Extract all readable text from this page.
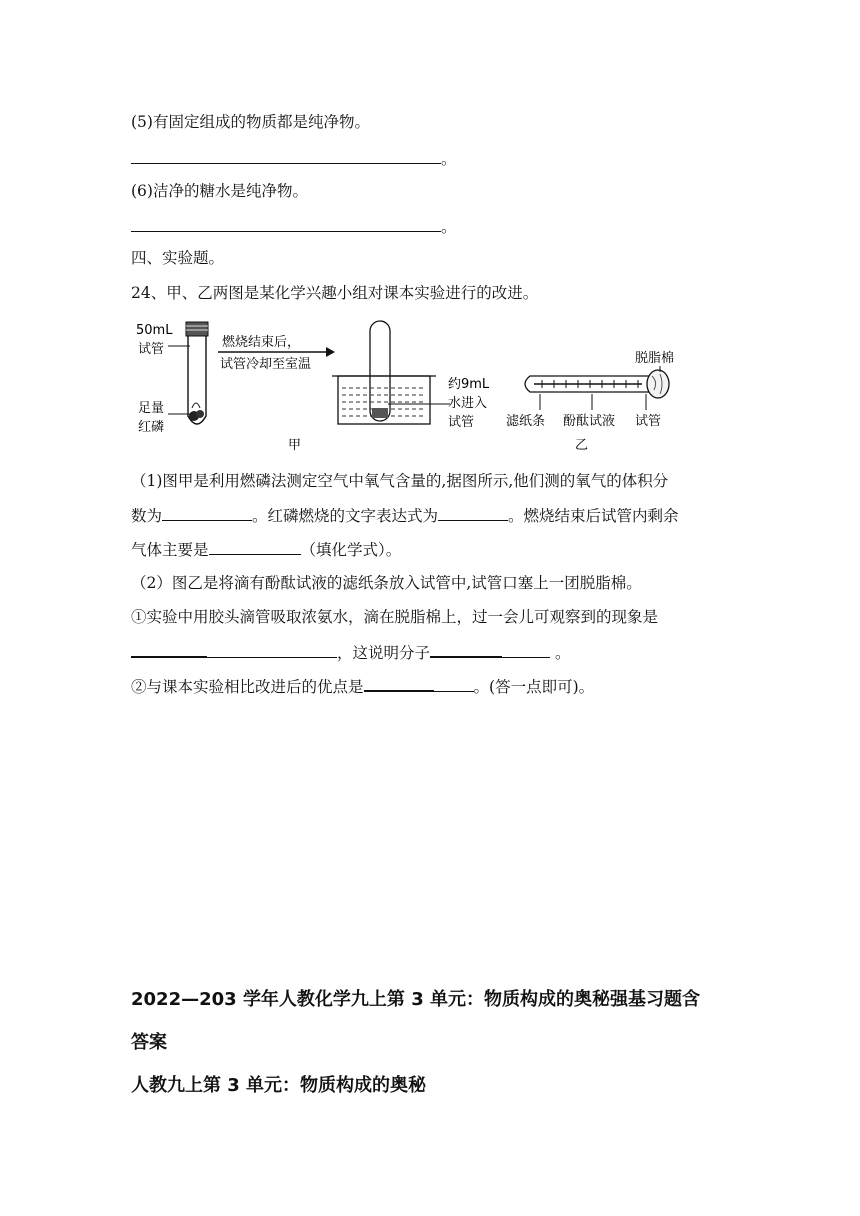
(5)有固定组成的物质都是纯净物。
。
(6)洁净的糖水是纯净物。
。
四、实验题。
24、甲、乙两图是某化学兴趣小组对课本实验进行的改进。
50mL
试管
足量
红磷
燃烧结束后，
试管冷却至室温
约9mL
水进入
试管
甲
脱脂棉
滤纸条 酚酞试液 试管
乙
（1)图甲是利用燃磷法测定空气中氧气含量的,据图所示,他们测的氧气的体积分
数为	。红磷燃烧的文字表达式为	。燃烧结束后试管内剩余
气体主要是	（填化学式）。
（2）图乙是将滴有酚酞试液的滤纸条放入试管中,试管口塞上一团脱脂棉。
①实验中用胶头滴管吸取浓氨水，滴在脱脂棉上，过一会儿可观察到的现象是
，这说明分子	。
②与课本实验相比改进后的优点是	。(答一点即可)。
2022—203 学年人教化学九上第 3 单元：物质构成的奥秘强基习题含
答案
人教九上第 3 单元：物质构成的奥秘
